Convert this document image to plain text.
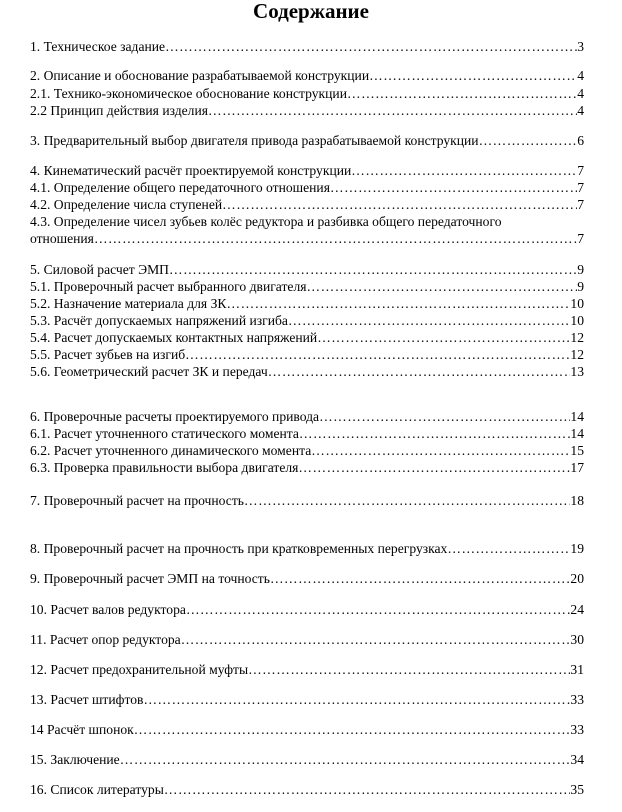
Содержание
1. Техническое задание ………………………………………………………………………………………………………………………………………………………………………………………	3
2. Описание и обоснование разрабатываемой конструкции ………………………………………………………………………………………………………………………………………………………………………………………	4
2.1. Технико-экономическое обоснование конструкции ………………………………………………………………………………………………………………………………………………………………………………………	4
2.2 Принцип действия изделия ………………………………………………………………………………………………………………………………………………………………………………………	4
3. Предварительный выбор двигателя привода разрабатываемой конструкции ………………………………………………………………………………………………………………………………………………………………………………………	6
4. Кинематический расчёт проектируемой конструкции ………………………………………………………………………………………………………………………………………………………………………………………	7
4.1. Определение общего передаточного отношения ………………………………………………………………………………………………………………………………………………………………………………………	7
4.2. Определение числа ступеней ………………………………………………………………………………………………………………………………………………………………………………………	7
4.3. Определение чисел зубьев колёс редуктора и разбивка общего передаточного
отношения ………………………………………………………………………………………………………………………………………………………………………………………	7
5. Силовой расчет ЭМП ………………………………………………………………………………………………………………………………………………………………………………………	9
5.1. Проверочный расчет выбранного двигателя ………………………………………………………………………………………………………………………………………………………………………………………	9
5.2. Назначение материала для ЗК ………………………………………………………………………………………………………………………………………………………………………………………	10
5.3. Расчёт допускаемых напряжений изгиба ………………………………………………………………………………………………………………………………………………………………………………………	10
5.4. Расчет допускаемых контактных напряжений ………………………………………………………………………………………………………………………………………………………………………………………	12
5.5. Расчет зубьев на изгиб ………………………………………………………………………………………………………………………………………………………………………………………	12
5.6. Геометрический расчет ЗК и передач ………………………………………………………………………………………………………………………………………………………………………………………	13
6. Проверочные расчеты проектируемого привода ………………………………………………………………………………………………………………………………………………………………………………………	14
6.1. Расчет уточненного статического момента ………………………………………………………………………………………………………………………………………………………………………………………	14
6.2. Расчет уточненного динамического момента ………………………………………………………………………………………………………………………………………………………………………………………	15
6.3. Проверка правильности выбора двигателя ………………………………………………………………………………………………………………………………………………………………………………………	17
7. Проверочный расчет на прочность ………………………………………………………………………………………………………………………………………………………………………………………	18
8. Проверочный расчет на прочность при кратковременных перегрузках ………………………………………………………………………………………………………………………………………………………………………………………	19
9. Проверочный расчет ЭМП на точность ………………………………………………………………………………………………………………………………………………………………………………………	20
10. Расчет валов редуктора ………………………………………………………………………………………………………………………………………………………………………………………	24
11. Расчет опор редуктора ………………………………………………………………………………………………………………………………………………………………………………………	30
12. Расчет предохранительной муфты ………………………………………………………………………………………………………………………………………………………………………………………	31
13. Расчет штифтов ………………………………………………………………………………………………………………………………………………………………………………………	33
14 Расчёт шпонок ………………………………………………………………………………………………………………………………………………………………………………………	33
15. Заключение ………………………………………………………………………………………………………………………………………………………………………………………	34
16. Список литературы ………………………………………………………………………………………………………………………………………………………………………………………	35
